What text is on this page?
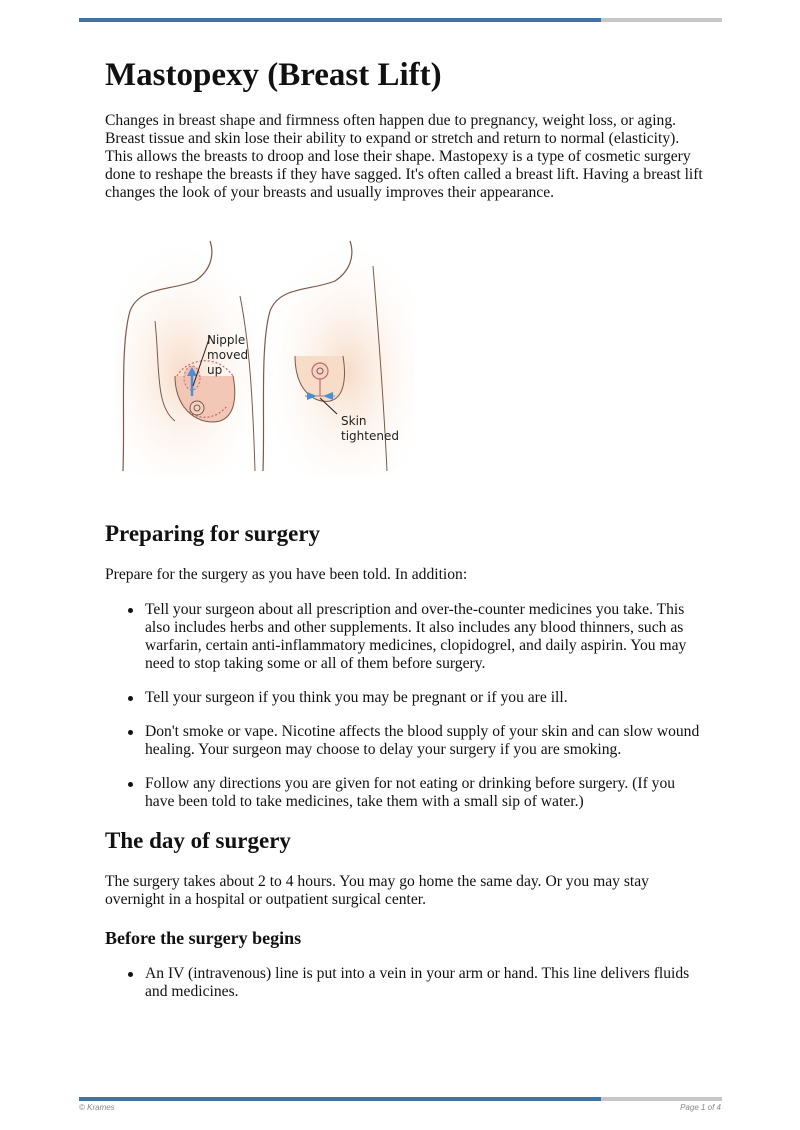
Mastopexy (Breast Lift)

Changes in breast shape and firmness often happen due to pregnancy, weight loss, or aging. Breast tissue and skin lose their ability to expand or stretch and return to normal (elasticity). This allows the breasts to droop and lose their shape. Mastopexy is a type of cosmetic surgery done to reshape the breasts if they have sagged. It's often called a breast lift. Having a breast lift changes the look of your breasts and usually improves their appearance.

Nipple
moved
up
Skin
tightened
Preparing for surgery

Prepare for the surgery as you have been told. In addition:

Tell your surgeon about all prescription and over-the-counter medicines you take. This also includes herbs and other supplements. It also includes any blood thinners, such as warfarin, certain anti-inflammatory medicines, clopidogrel, and daily aspirin. You may need to stop taking some or all of them before surgery.
Tell your surgeon if you think you may be pregnant or if you are ill.
Don't smoke or vape. Nicotine affects the blood supply of your skin and can slow wound healing. Your surgeon may choose to delay your surgery if you are smoking.
Follow any directions you are given for not eating or drinking before surgery. (If you have been told to take medicines, take them with a small sip of water.)
The day of surgery

The surgery takes about 2 to 4 hours. You may go home the same day. Or you may stay overnight in a hospital or outpatient surgical center.

Before the surgery begins
An IV (intravenous) line is put into a vein in your arm or hand. This line delivers fluids and medicines.
© Krames	Page 1 of 4
